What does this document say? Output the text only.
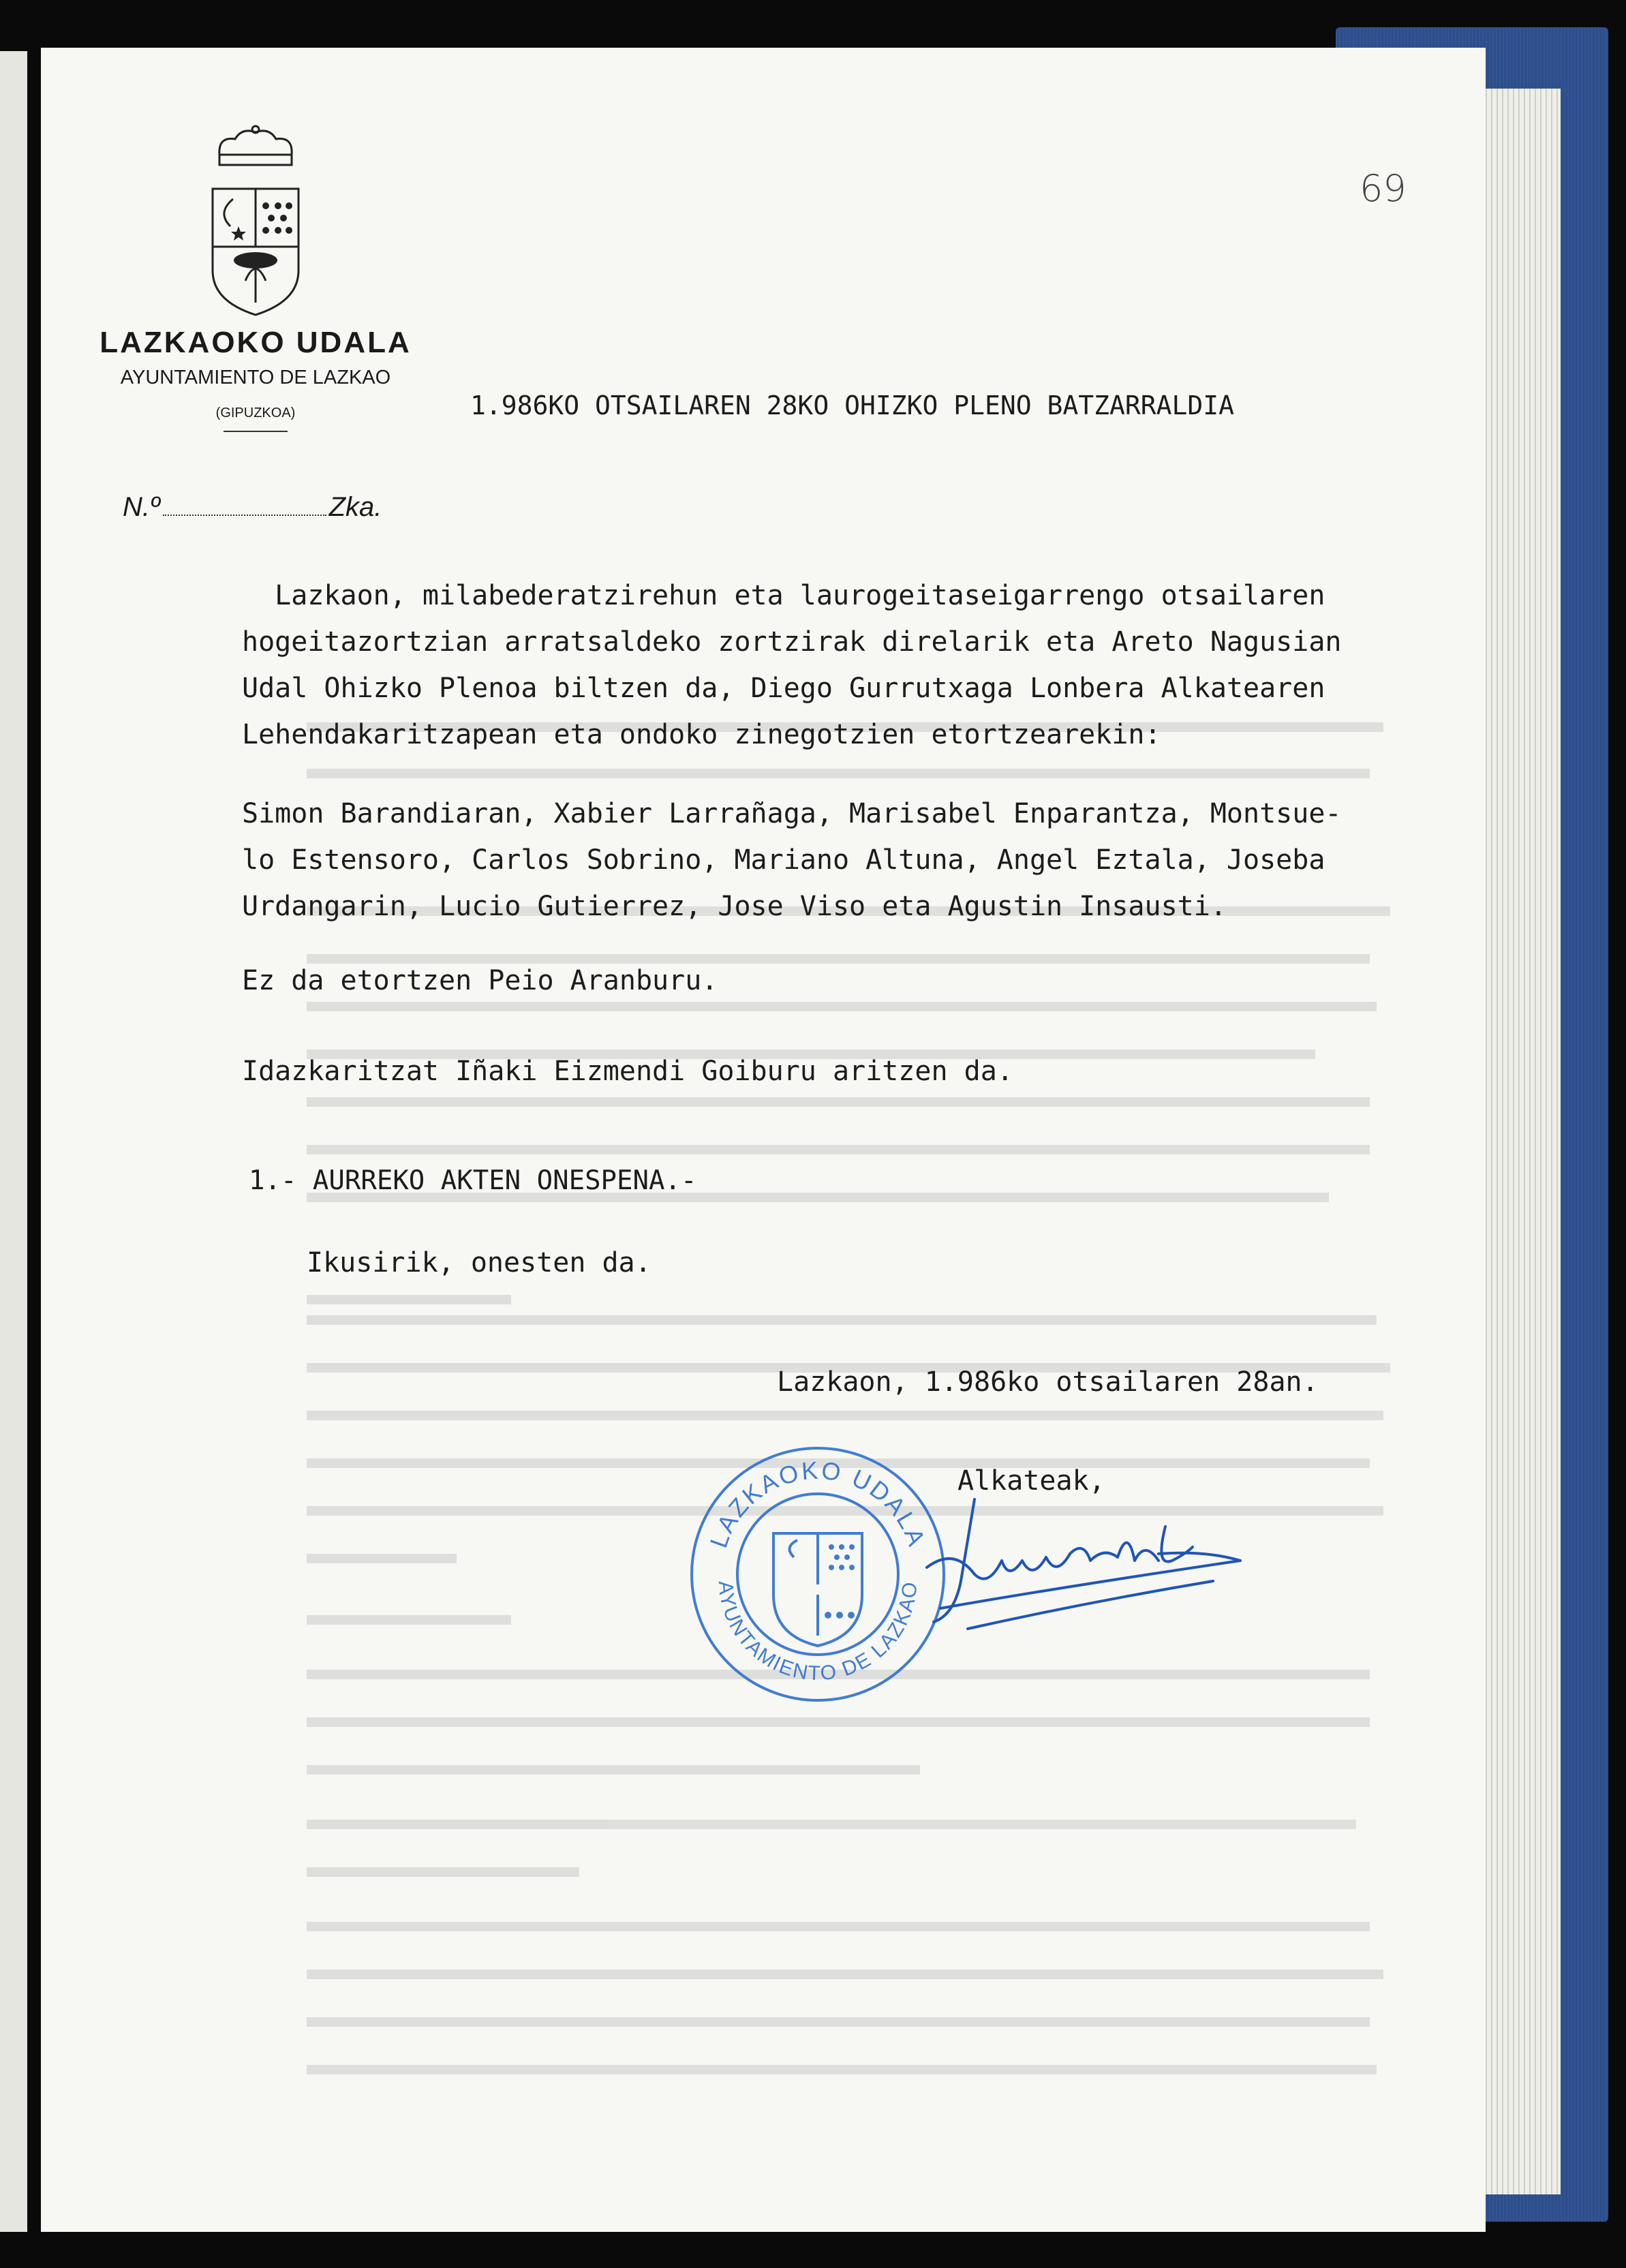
LAZKAOKO UDALA
AYUNTAMIENTO DE LAZKAO
(GIPUZKOA)
69
N.º	Zka.
1.986KO OTSAILAREN 28KO OHIZKO PLENO BATZARRALDIA
Lazkaon, milabederatzirehun eta laurogeitaseigarrengo otsailaren
hogeitazortzian arratsaldeko zortzirak direlarik eta Areto Nagusian
Udal Ohizko Plenoa biltzen da, Diego Gurrutxaga Lonbera Alkatearen
Lehendakaritzapean eta ondoko zinegotzien etortzearekin:
Simon Barandiaran, Xabier Larrañaga, Marisabel Enparantza, Montsue-
lo Estensoro, Carlos Sobrino, Mariano Altuna, Angel Eztala, Joseba
Urdangarin, Lucio Gutierrez, Jose Viso eta Agustin Insausti.
Ez da etortzen Peio Aranburu.
Idazkaritzat Iñaki Eizmendi Goiburu aritzen da.
1.- AURREKO AKTEN ONESPENA.-
Ikusirik, onesten da.
Lazkaon, 1.986ko otsailaren 28an.
Alkateak,
LAZKAOKO UDALA
AYUNTAMIENTO DE LAZKAO
